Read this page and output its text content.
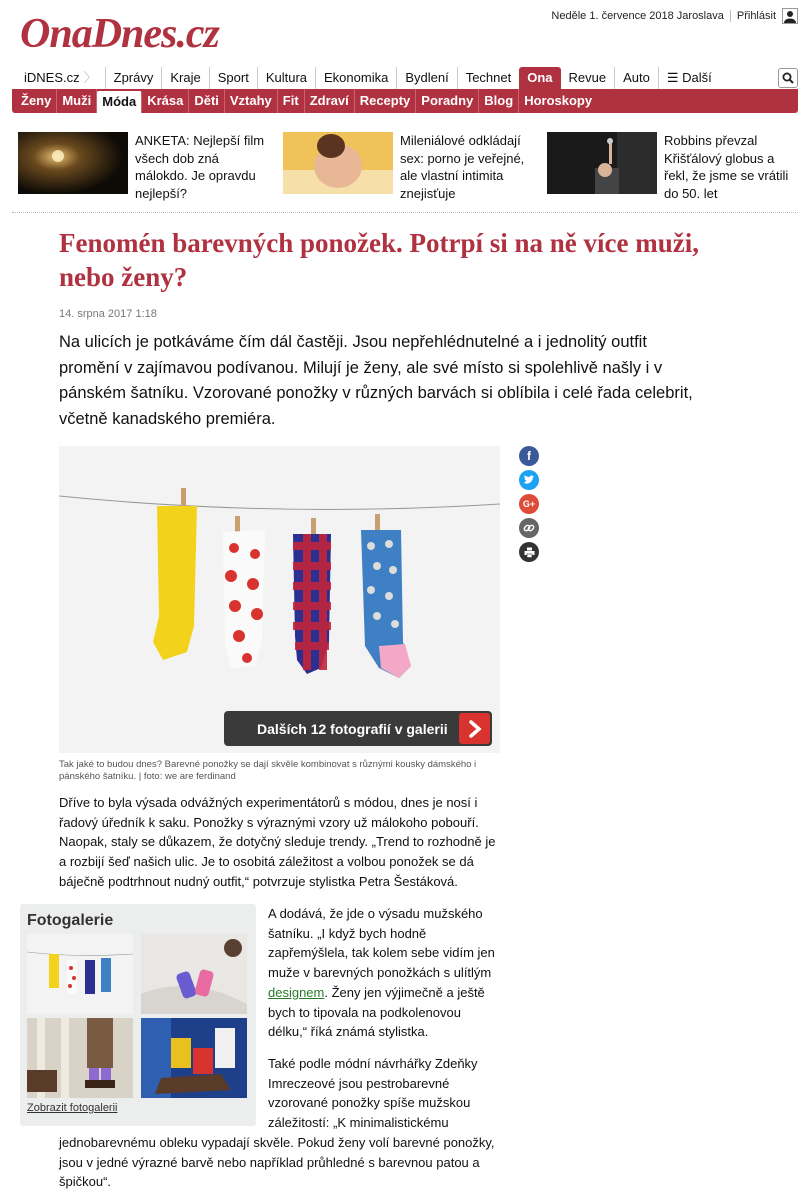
OnaDnes.cz	Neděle 1. července 2018 Jaroslava Přihlásit
iDNES.cz 〉	Zprávy	Kraje	Sport	Kultura	Ekonomika	Bydlení	Technet	Ona	Revue	Auto	☰ Další
Ženy Muži Móda Krása Děti Vztahy Fit Zdraví Recepty Poradny Blog Horoskopy
ANKETA: Nejlepší film všech dob zná málokdo. Je opravdu nejlepší?
Mileniálové odkládají sex: porno je veřejné, ale vlastní intimita znejisťuje
Robbins převzal Křišťálový globus a řekl, že jsme se vrátili do 50. let
Fenomén barevných ponožek. Potrpí si na ně více muži, nebo ženy?
14. srpna 2017 1:18

Na ulicích je potkáváme čím dál častěji. Jsou nepřehlédnutelné a i jednolitý outfit promění v zajímavou podívanou. Milují je ženy, ale své místo si spolehlivě našly i v pánském šatníku. Vzorované ponožky v různých barvách si oblíbila i celé řada celebrit, včetně kanadského premiéra.

Dalších 12 fotografií v galerii
f
G+
Tak jaké to budou dnes? Barevné ponožky se dají skvěle kombinovat s různými kousky dámského i pánského šatníku. | foto: we are ferdinand

Dříve to byla výsada odvážných experimentátorů s módou, dnes je nosí i řadový úředník k saku. Ponožky s výraznými vzory už málokoho pobouří. Naopak, staly se důkazem, že dotyčný sleduje trendy. „Trend to rozhodně je a rozbijí šeď našich ulic. Je to osobitá záležitost a volbou ponožek se dá báječně podtrhnout nudný outfit,“ potvrzuje stylistka Petra Šestáková.

Fotogalerie
Zobrazit fotogalerii

A dodává, že jde o výsadu mužského šatníku. „I když bych hodně zapřemýšlela, tak kolem sebe vidím jen muže v barevných ponožkách s ulítlým designem. Ženy jen výjimečně a ještě bych to tipovala na podkolenovou délku,“ říká známá stylistka.

Také podle módní návrhářky Zdeňky Imreczeové jsou pestrobarevné vzorované ponožky spíše mužskou záležitostí: „K minimalistickému

jednobarevnému obleku vypadají skvěle. Pokud ženy volí barevné ponožky, jsou v jedné výrazné barvě nebo například průhledné s barevnou patou a špičkou“.
